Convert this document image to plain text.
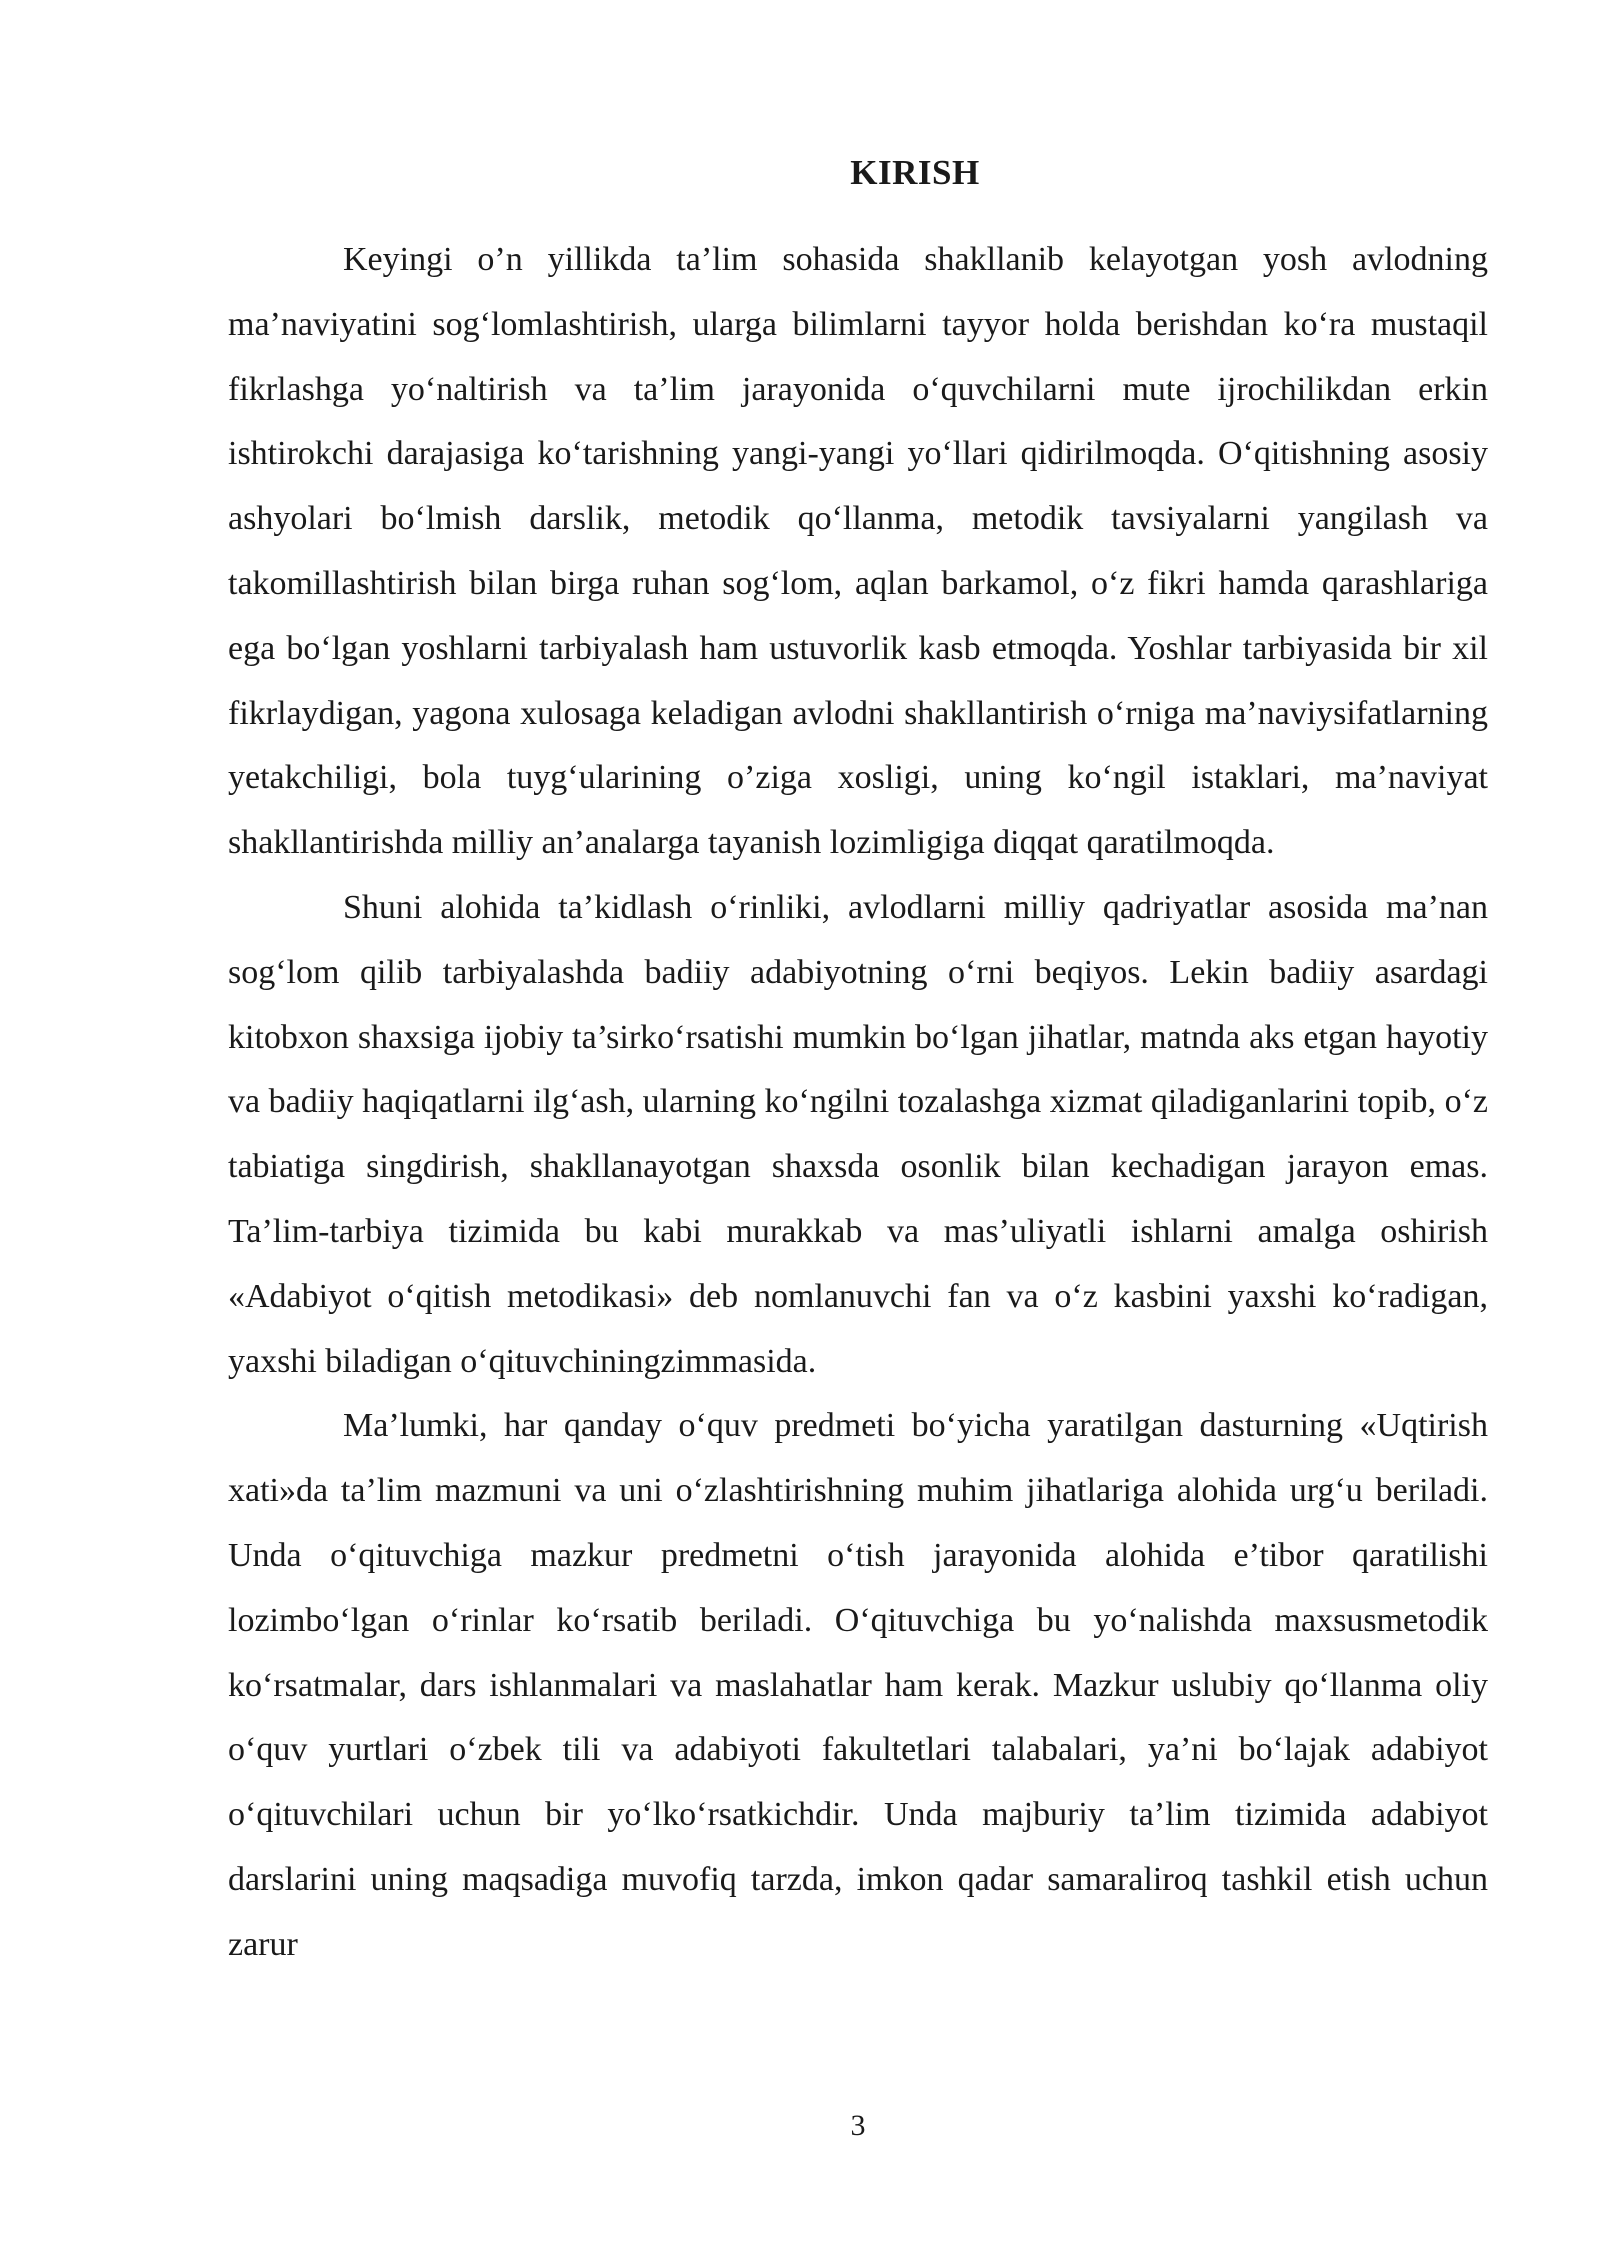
KIRISH

Keyingi o’n yillikda ta’lim sohasida shakllanib kelayotgan yosh avlodning ma’naviyatini sog‘lomlashtirish, ularga bilimlarni tayyor holda berishdan ko‘ra mustaqil fikrlashga yo‘naltirish va ta’lim jarayonida o‘quvchilarni mute ijrochilikdan erkin ishtirokchi darajasiga ko‘tarishning yangi-yangi yo‘llari qidirilmoqda. O‘qitishning asosiy ashyolari bo‘lmish darslik, metodik qo‘llanma, metodik tavsiyalarni yangilash va takomillashtirish bilan birga ruhan sog‘lom, aqlan barkamol, o‘z fikri hamda qarashlariga ega bo‘lgan yoshlarni tarbiyalash ham ustuvorlik kasb etmoqda. Yoshlar tarbiyasida bir xil fikrlaydigan, yagona xulosaga keladigan avlodni shakllantirish o‘rniga ma’naviysifatlarning yetakchiligi, bola tuyg‘ularining o’ziga xosligi, uning ko‘ngil istaklari, ma’naviyat shakllantirishda milliy an’analarga tayanish lozimligiga diqqat qaratilmoqda.

Shuni alohida ta’kidlash o‘rinliki, avlodlarni milliy qadriyatlar asosida ma’nan sog‘lom qilib tarbiyalashda badiiy adabiyotning o‘rni beqiyos. Lekin badiiy asardagi kitobxon shaxsiga ijobiy ta’sirko‘rsatishi mumkin bo‘lgan jihatlar, matnda aks etgan hayotiy va badiiy haqiqatlarni ilg‘ash, ularning ko‘ngilni tozalashga xizmat qiladiganlarini topib, o‘z tabiatiga singdirish, shakllanayotgan shaxsda osonlik bilan kechadigan jarayon emas. Ta’lim-tarbiya tizimida bu kabi murakkab va mas’uliyatli ishlarni amalga oshirish «Adabiyot o‘qitish metodikasi» deb nomlanuvchi fan va o‘z kasbini yaxshi ko‘radigan, yaxshi biladigan o‘qituvchiningzimmasida.

Ma’lumki, har qanday o‘quv predmeti bo‘yicha yaratilgan dasturning «Uqtirish xati»da ta’lim mazmuni va uni o‘zlashtirishning muhim jihatlariga alohida urg‘u beriladi. Unda o‘qituvchiga mazkur predmetni o‘tish jarayonida alohida e’tibor qaratilishi lozimbo‘lgan o‘rinlar ko‘rsatib beriladi. O‘qituvchiga bu yo‘nalishda maxsusmetodik ko‘rsatmalar, dars ishlanmalari va maslahatlar ham kerak. Mazkur uslubiy qo‘llanma oliy o‘quv yurtlari o‘zbek tili va adabiyoti fakultetlari talabalari, ya’ni bo‘lajak adabiyot o‘qituvchilari uchun bir yo‘lko‘rsatkichdir. Unda majburiy ta’lim tizimida adabiyot darslarini uning maqsadiga muvofiq tarzda, imkon qadar samaraliroq tashkil etish uchun zarur

3
